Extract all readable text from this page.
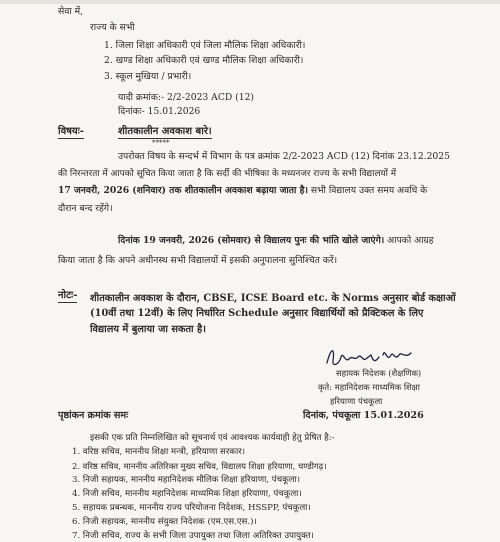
सेवा में,
राज्य के सभी
1. जिला शिक्षा अधिकारी एवं जिला मौलिक शिक्षा अधिकारी।
2. खण्ड शिक्षा अधिकारी एवं खण्ड मौलिक शिक्षा अधिकारी।
3. स्कूल मुखिया / प्रभारी।
यादी क्रमांक:- 2/2-2023 ACD (12)
दिनांकः- 15.01.2026
विषयः-	शीतकालीन अवकाश बारे।
*****
उपरोक्त विषय के सन्दर्भ में विभाग के पत्र क्रमांक 2/2-2023 ACD (12) दिनांक 23.12.2025
की निरन्तरता में आपको सूचित किया जाता है कि सर्दी की भीषिका के मध्यनजर राज्य के सभी विद्यालयों में
17 जनवरी, 2026 (शनिवार) तक शीतकालीन अवकाश बढ़ाया जाता है। सभी विद्यालय उक्त समय अवधि के
दौरान बन्द रहेंगे।
दिनांक 19 जनवरी, 2026 (सोमवार) से विद्यालय पुनः की भांति खोले जाएंगे। आपको आग्रह
किया जाता है कि अपने अधीनस्थ सभी विद्यालयों में इसकी अनुपालना सुनिश्चित करें।
नोटः- शीतकालीन अवकाश के दौरान, CBSE, ICSE Board etc. के Norms अनुसार बोर्ड कक्षाओं
(10वीं तथा 12वीं) के लिए निर्धारित Schedule अनुसार विद्यार्थियों को प्रैक्टिकल के लिए
विद्यालय में बुलाया जा सकता है।
सहायक निदेशक (शैक्षणिक)
कृते: महानिदेशक माध्यमिक शिक्षा
हरियाणा पंचकूला
पृष्ठांकन क्रमांक समः	दिनांक, पंचकूला 15.01.2026
इसकी एक प्रति निम्नलिखित को सूचनार्थ एवं आवश्यक कार्यवाही हेतु प्रेषित है:-
1. वरिष्ठ सचिव, माननीय शिक्षा मन्त्री, हरियाणा सरकार।
2. वरिष्ठ सचिव, माननीय अतिरिक्त मुख्य सचिव, विद्यालय शिक्षा हरियाणा, चण्डीगढ़।
3. निजी सहायक, माननीय महानिदेशक मौलिक शिक्षा हरियाणा, पंचकूला।
4. निजी सचिव, माननीय महानिदेशक माध्यमिक शिक्षा हरियाणा, पंचकूला।
5. सहायक प्रबन्धक, माननीय राज्य परियोजना निदेशक, HSSPP, पंचकूला।
6. निजी सहायक, माननीय संयुक्त निदेशक (एम.एस.एस.)।
7. निजी सचिव, राज्य के सभी जिला उपायुक्त तथा जिला अतिरिक्त उपायुक्त।
